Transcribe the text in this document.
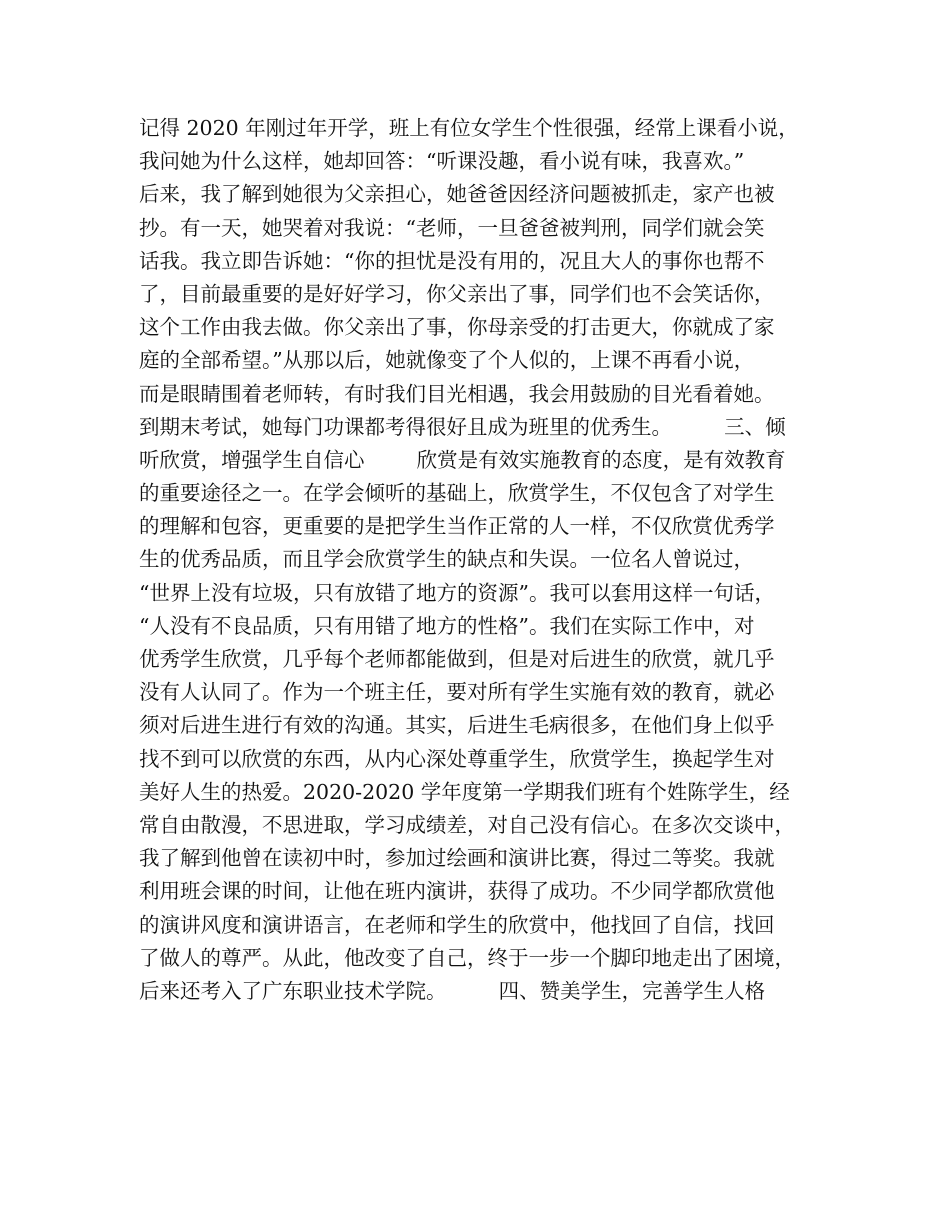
记得 2020 年刚过年开学，班上有位女学生个性很强，经常上课看小说，
我问她为什么这样，她却回答：“听课没趣，看小说有味，我喜欢。”
后来，我了解到她很为父亲担心，她爸爸因经济问题被抓走，家产也被
抄。有一天，她哭着对我说：“老师，一旦爸爸被判刑，同学们就会笑
话我。我立即告诉她：“你的担忧是没有用的，况且大人的事你也帮不
了，目前最重要的是好好学习，你父亲出了事，同学们也不会笑话你，
这个工作由我去做。你父亲出了事，你母亲受的打击更大，你就成了家
庭的全部希望。”从那以后，她就像变了个人似的，上课不再看小说，
而是眼睛围着老师转，有时我们目光相遇，我会用鼓励的目光看着她。
到期末考试，她每门功课都考得很好且成为班里的优秀生。        三、倾
听欣赏，增强学生自信心        欣赏是有效实施教育的态度，是有效教育
的重要途径之一。在学会倾听的基础上，欣赏学生，不仅包含了对学生
的理解和包容，更重要的是把学生当作正常的人一样，不仅欣赏优秀学
生的优秀品质，而且学会欣赏学生的缺点和失误。一位名人曾说过，
“世界上没有垃圾，只有放错了地方的资源”。我可以套用这样一句话，
“人没有不良品质，只有用错了地方的性格”。我们在实际工作中，对
优秀学生欣赏，几乎每个老师都能做到，但是对后进生的欣赏，就几乎
没有人认同了。作为一个班主任，要对所有学生实施有效的教育，就必
须对后进生进行有效的沟通。其实，后进生毛病很多，在他们身上似乎
找不到可以欣赏的东西，从内心深处尊重学生，欣赏学生，换起学生对
美好人生的热爱。2020-2020 学年度第一学期我们班有个姓陈学生，经
常自由散漫，不思进取，学习成绩差，对自己没有信心。在多次交谈中，
我了解到他曾在读初中时，参加过绘画和演讲比赛，得过二等奖。我就
利用班会课的时间，让他在班内演讲，获得了成功。不少同学都欣赏他
的演讲风度和演讲语言，在老师和学生的欣赏中，他找回了自信，找回
了做人的尊严。从此，他改变了自己，终于一步一个脚印地走出了困境，
后来还考入了广东职业技术学院。        四、赞美学生，完善学生人格
